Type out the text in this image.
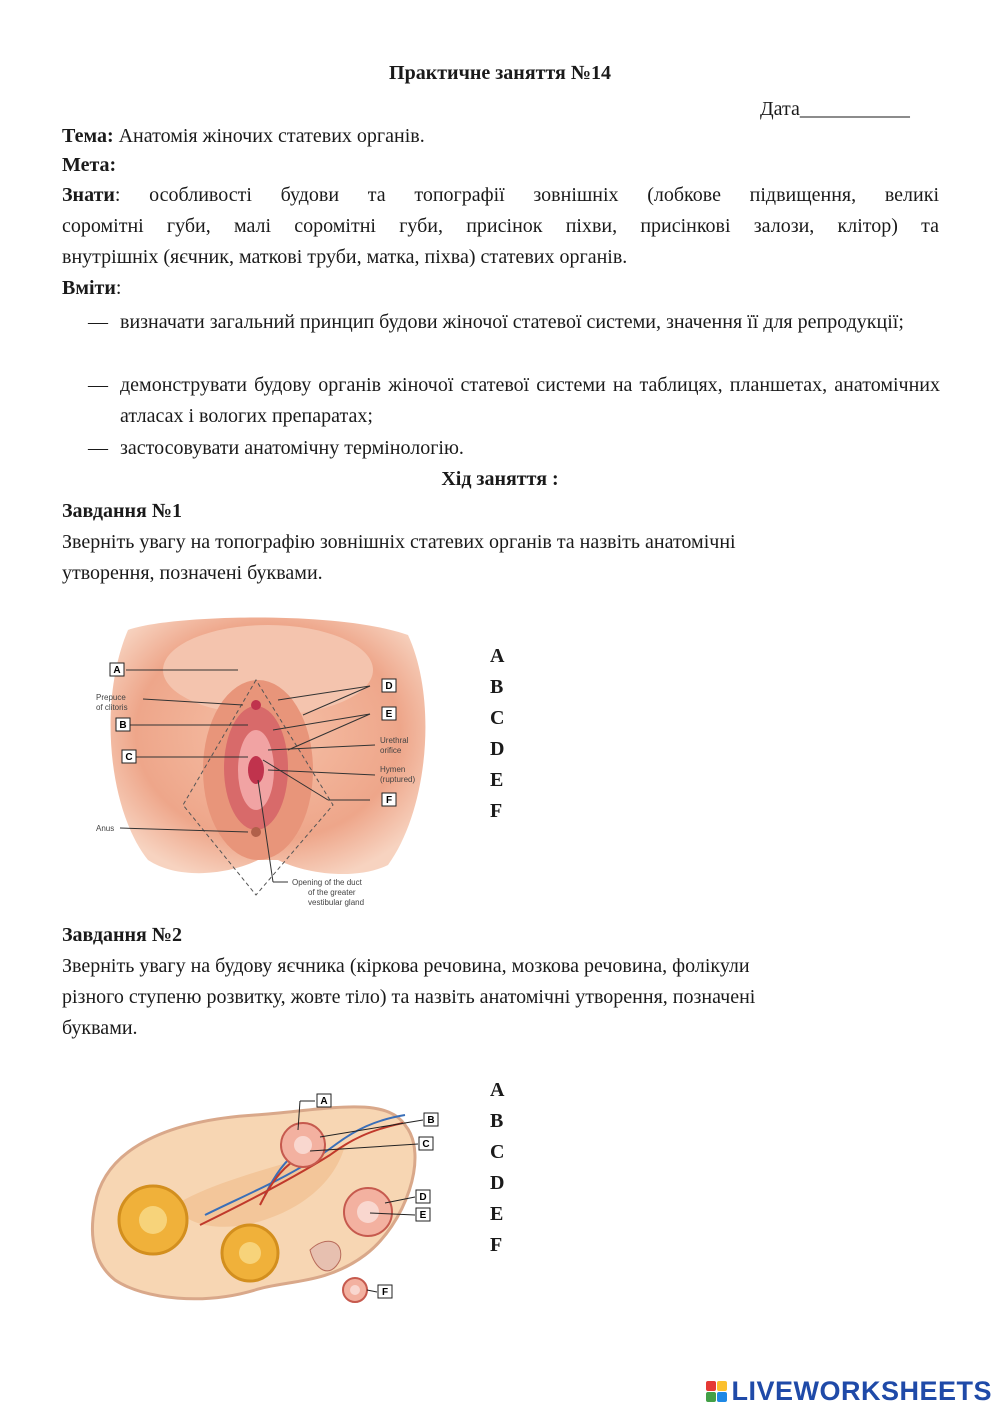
Практичне заняття №14
Дата___________
Тема: Анатомія жіночих статевих органів.
Мета:
Знати: особливості будови та топографії зовнішніх (лобкове підвищення, великі
соромітні губи, малі соромітні губи, присінок піхви, присінкові залози, клітор) та
внутрішніх (яєчник, маткові труби, матка, піхва) статевих органів.
Вміти:
— визначати загальний принцип будови жіночої статевої системи, значення її для репродукції;
— демонструвати будову органів жіночої статевої системи на таблицях, планшетах, анатомічних атласах і вологих препаратах;
— застосовувати анатомічну термінологію.
Хід заняття :
Завдання №1
Зверніть увагу на топографію зовнішніх статевих органів та назвіть анатомічні
утворення, позначені буквами.
A
B
C
D
E
F
Prepuce
of clitoris
Urethral
orifice
Hymen
(ruptured)
Anus
Opening of the duct
of the greater
vestibular gland
A
B
C
D
E
F
Завдання №2
Зверніть увагу на будову яєчника (кіркова речовина, мозкова речовина, фолікули
різного ступеню розвитку, жовте тіло) та назвіть анатомічні утворення, позначені
буквами.
A
B
C
D
E
F
A
B
C
D
E
F
LIVEWORKSHEETS
